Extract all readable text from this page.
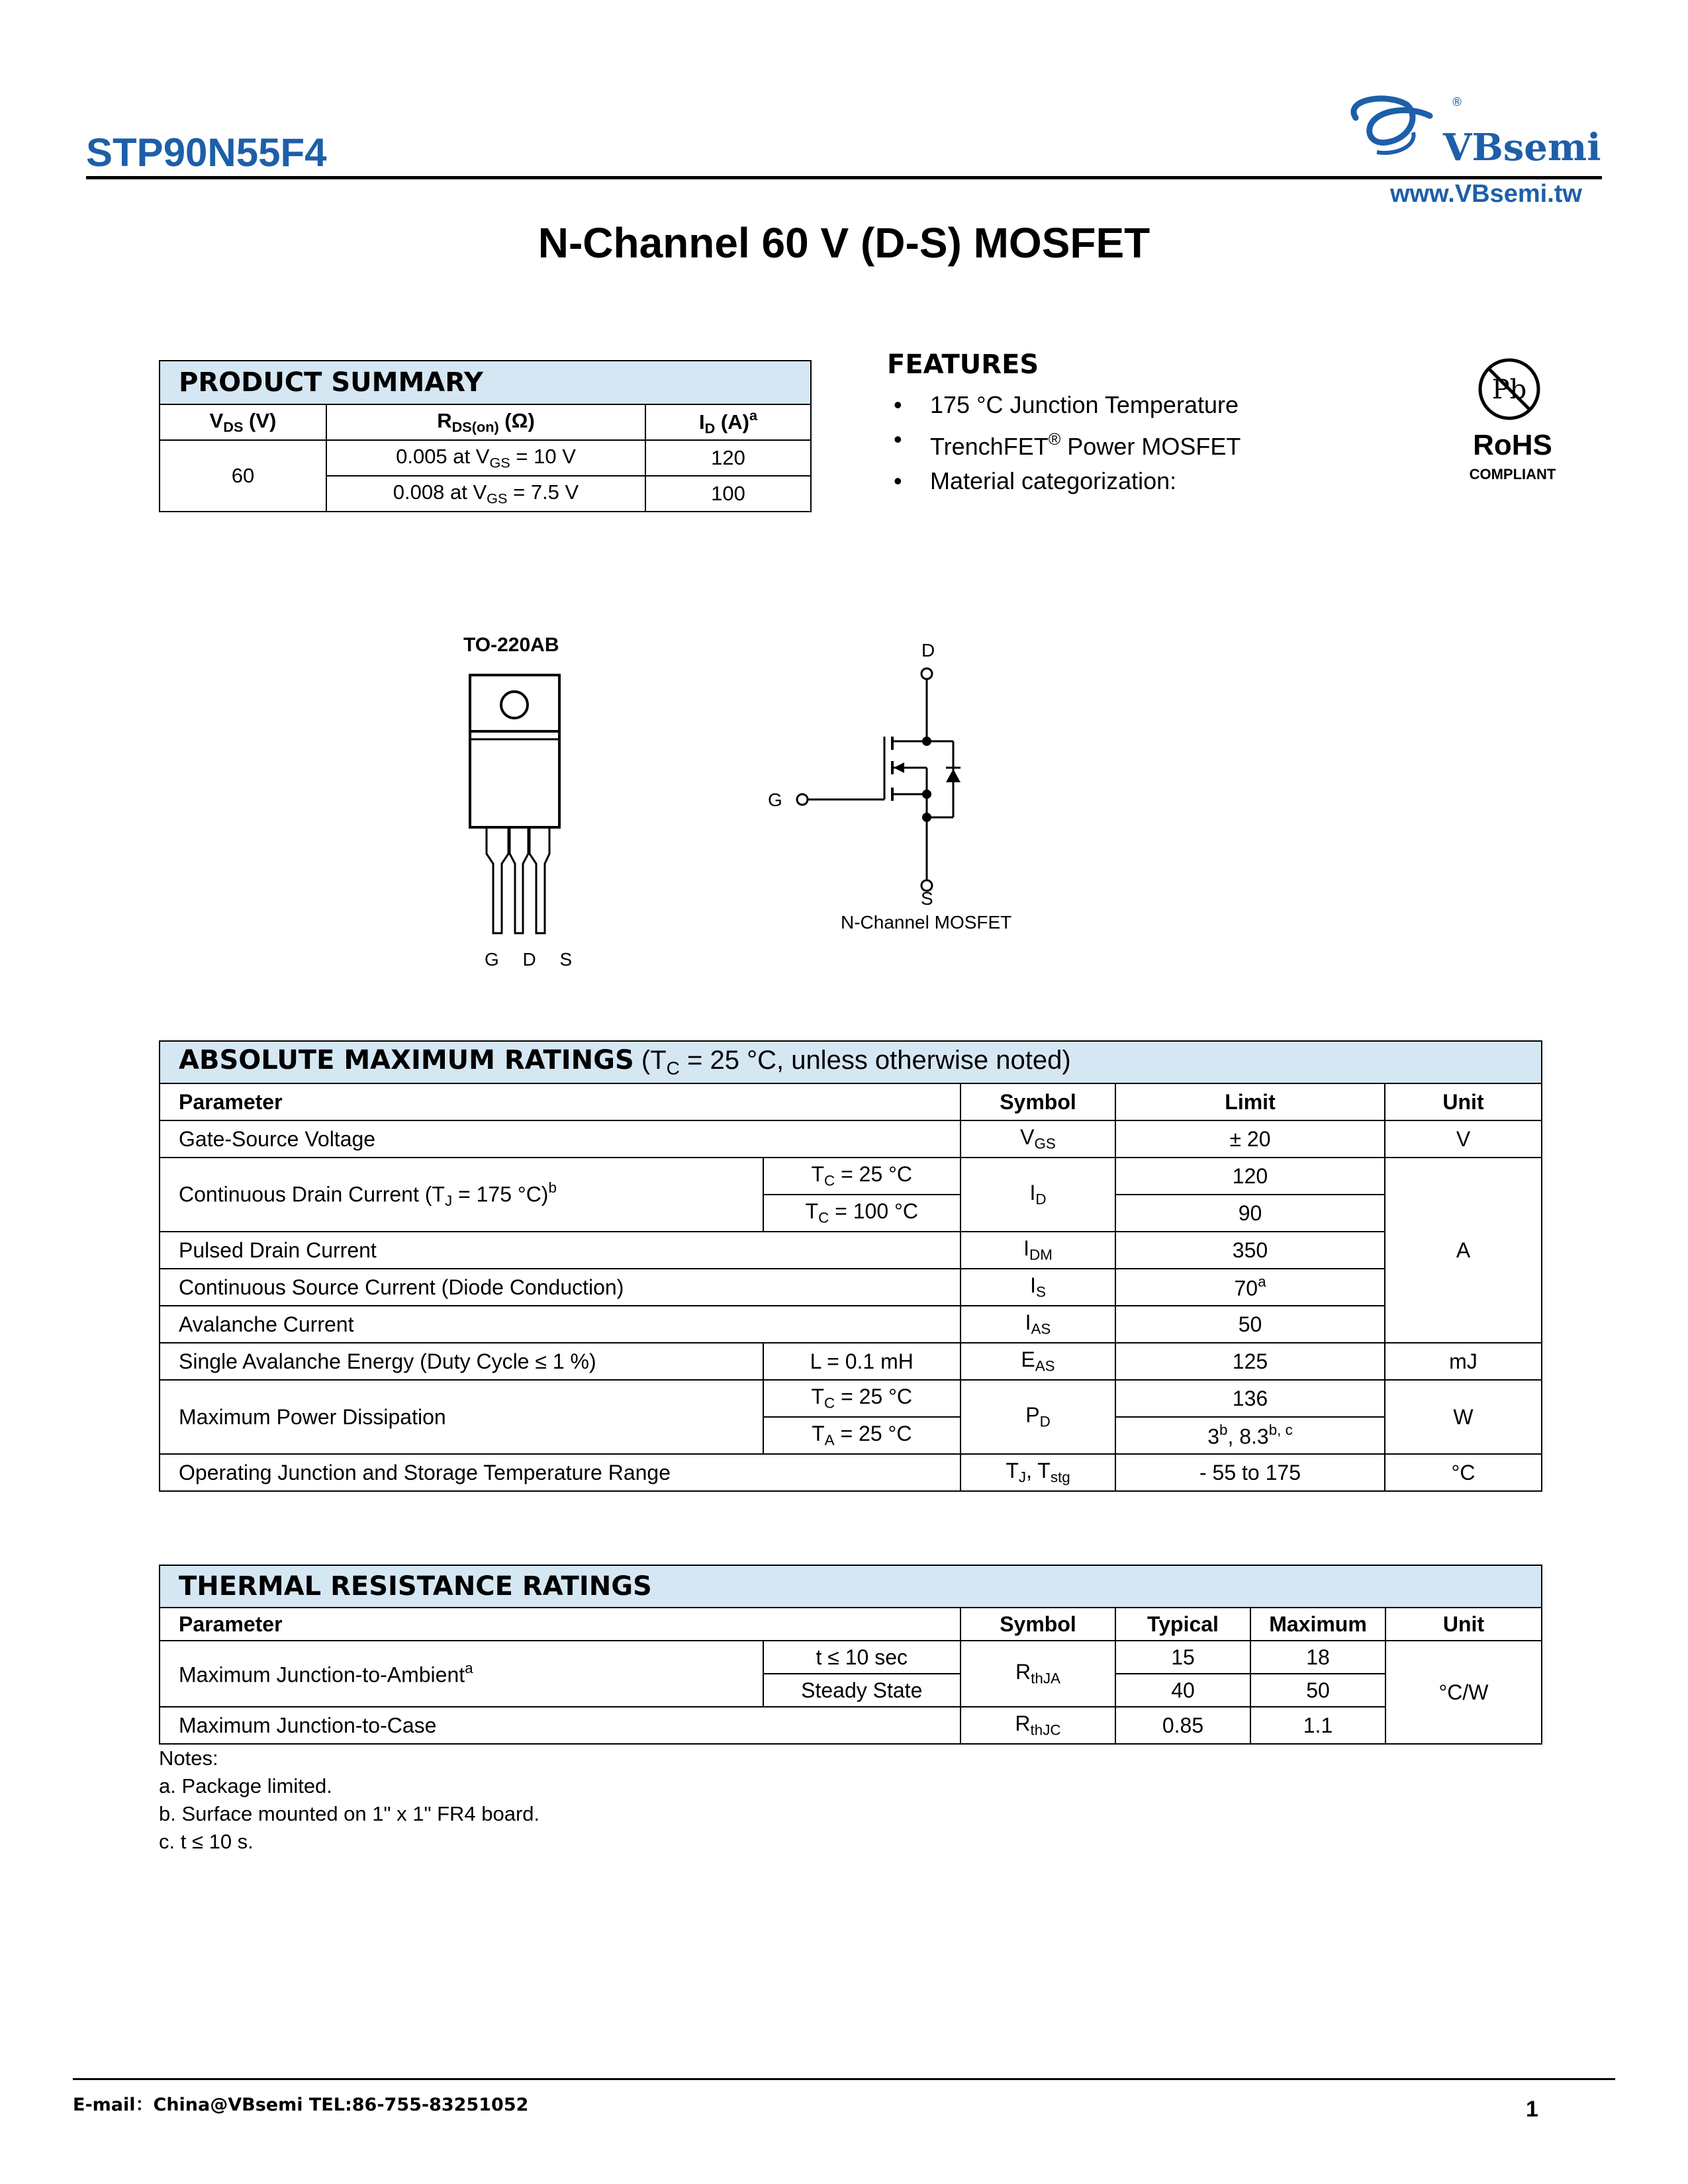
STP90N55F4	VBsemi
®
www.VBsemi.tw
N-Channel 60 V (D-S) MOSFET
PRODUCT SUMMARY		
$V_{DS}$ (V)	$R_{DS(on)}$ (Ω)	$I_D$ $(A)^a$
60	0.005 at $V_{GS} = 10$ V	120
	0.008 at $V_{GS} = 7.5$ V	100
FEATURES
• 175 °C Junction Temperature
• TrenchFET® Power MOSFET
• Material categorization:
Pb
RoHS
COMPLIANT
TO-220AB
G D S
D
G
S
N-Channel MOSFET
ABSOLUTE MAXIMUM RATINGS ($T_C = 25$ °C, unless otherwise noted)				
Parameter		Symbol	Limit	Unit
Gate-Source Voltage		$V_{GS}$	± 20	V
Continuous Drain Current ($T_J = 175$ °C)$^b$	$T_C = 25$ °C	$I_D$	120	A
	$T_C = 100$ °C		90	
Pulsed Drain Current		$I_{DM}$	350	
Continuous Source Current (Diode Conduction)		$I_S$	70$^a$
Avalanche Current		$I_{AS}$	50	
Single Avalanche Energy (Duty Cycle ≤ 1 %)	L = 0.1 mH	$E_{AS}$	125	mJ
Maximum Power Dissipation	$T_C = 25$ °C	$P_D$	136	W
	$T_A = 25$ °C		3$^b$, 8.3$^{b, c}$
Operating Junction and Storage Temperature Range		$T_J$, $T_{stg}$	- 55 to 175	°C
THERMAL RESISTANCE RATINGS					
Parameter		Symbol	Typical	Maximum	Unit
Maximum Junction-to-Ambient$^a$	t ≤ 10 sec	$R_{thJA}$	15	18	°C/W
	Steady State		40	50	
Maximum Junction-to-Case		$R_{thJC}$	0.85	1.1	
Notes:
a. Package limited.
b. Surface mounted on 1" x 1" FR4 board.
c. t ≤ 10 s.
E-mail：China@VBsemi TEL:86-755-83251052	1
